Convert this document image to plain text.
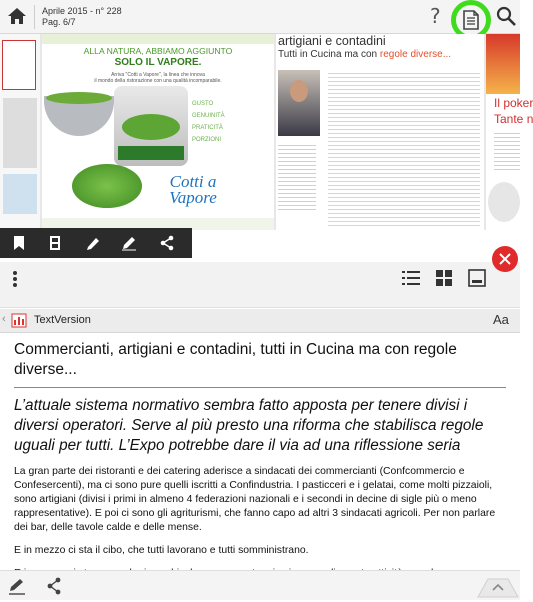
Aprile 2015 - n° 228
Pag. 6/7	?
ALLA NATURA, ABBIAMO AGGIUNTO
SOLO IL VAPORE.
Arriva "Cotti a Vapore", la linea che innova
il mondo della ristorazione con una qualità incomparabile.
GUSTO
GENUINITÀ
PRATICITÀ
PORZIONI
Cotti a Vapore
artigiani e contadini
Tutti in Cucina ma con regole diverse...
Il poker
Tante n
‹	TextVersion	Aa
Commercianti, artigiani e contadini, tutti in Cucina ma con regole diverse...
L’attuale sistema normativo sembra fatto apposta per tenere divisi i diversi operatori. Serve al più presto una riforma che stabilisca regole uguali per tutti. L’Expo potrebbe dare il via ad una riflessione seria

La gran parte dei ristoranti e dei catering aderisce a sindacati dei commercianti (Confcommercio e Confesercenti), ma ci sono pure quelli iscritti a Confindustria. I pasticceri e i gelatai, come molti pizzaioli, sono artigiani (divisi i primi in almeno 4 federazioni nazionali e i secondi in decine di sigle più o meno rappresentative). E poi ci sono gli agriturismi, che fanno capo ad altri 3 sindacati agricoli. Per non parlare dei bar, delle tavole calde e delle mense.

E in mezzo ci sta il cibo, che tutti lavorano e tutti somministrano.
